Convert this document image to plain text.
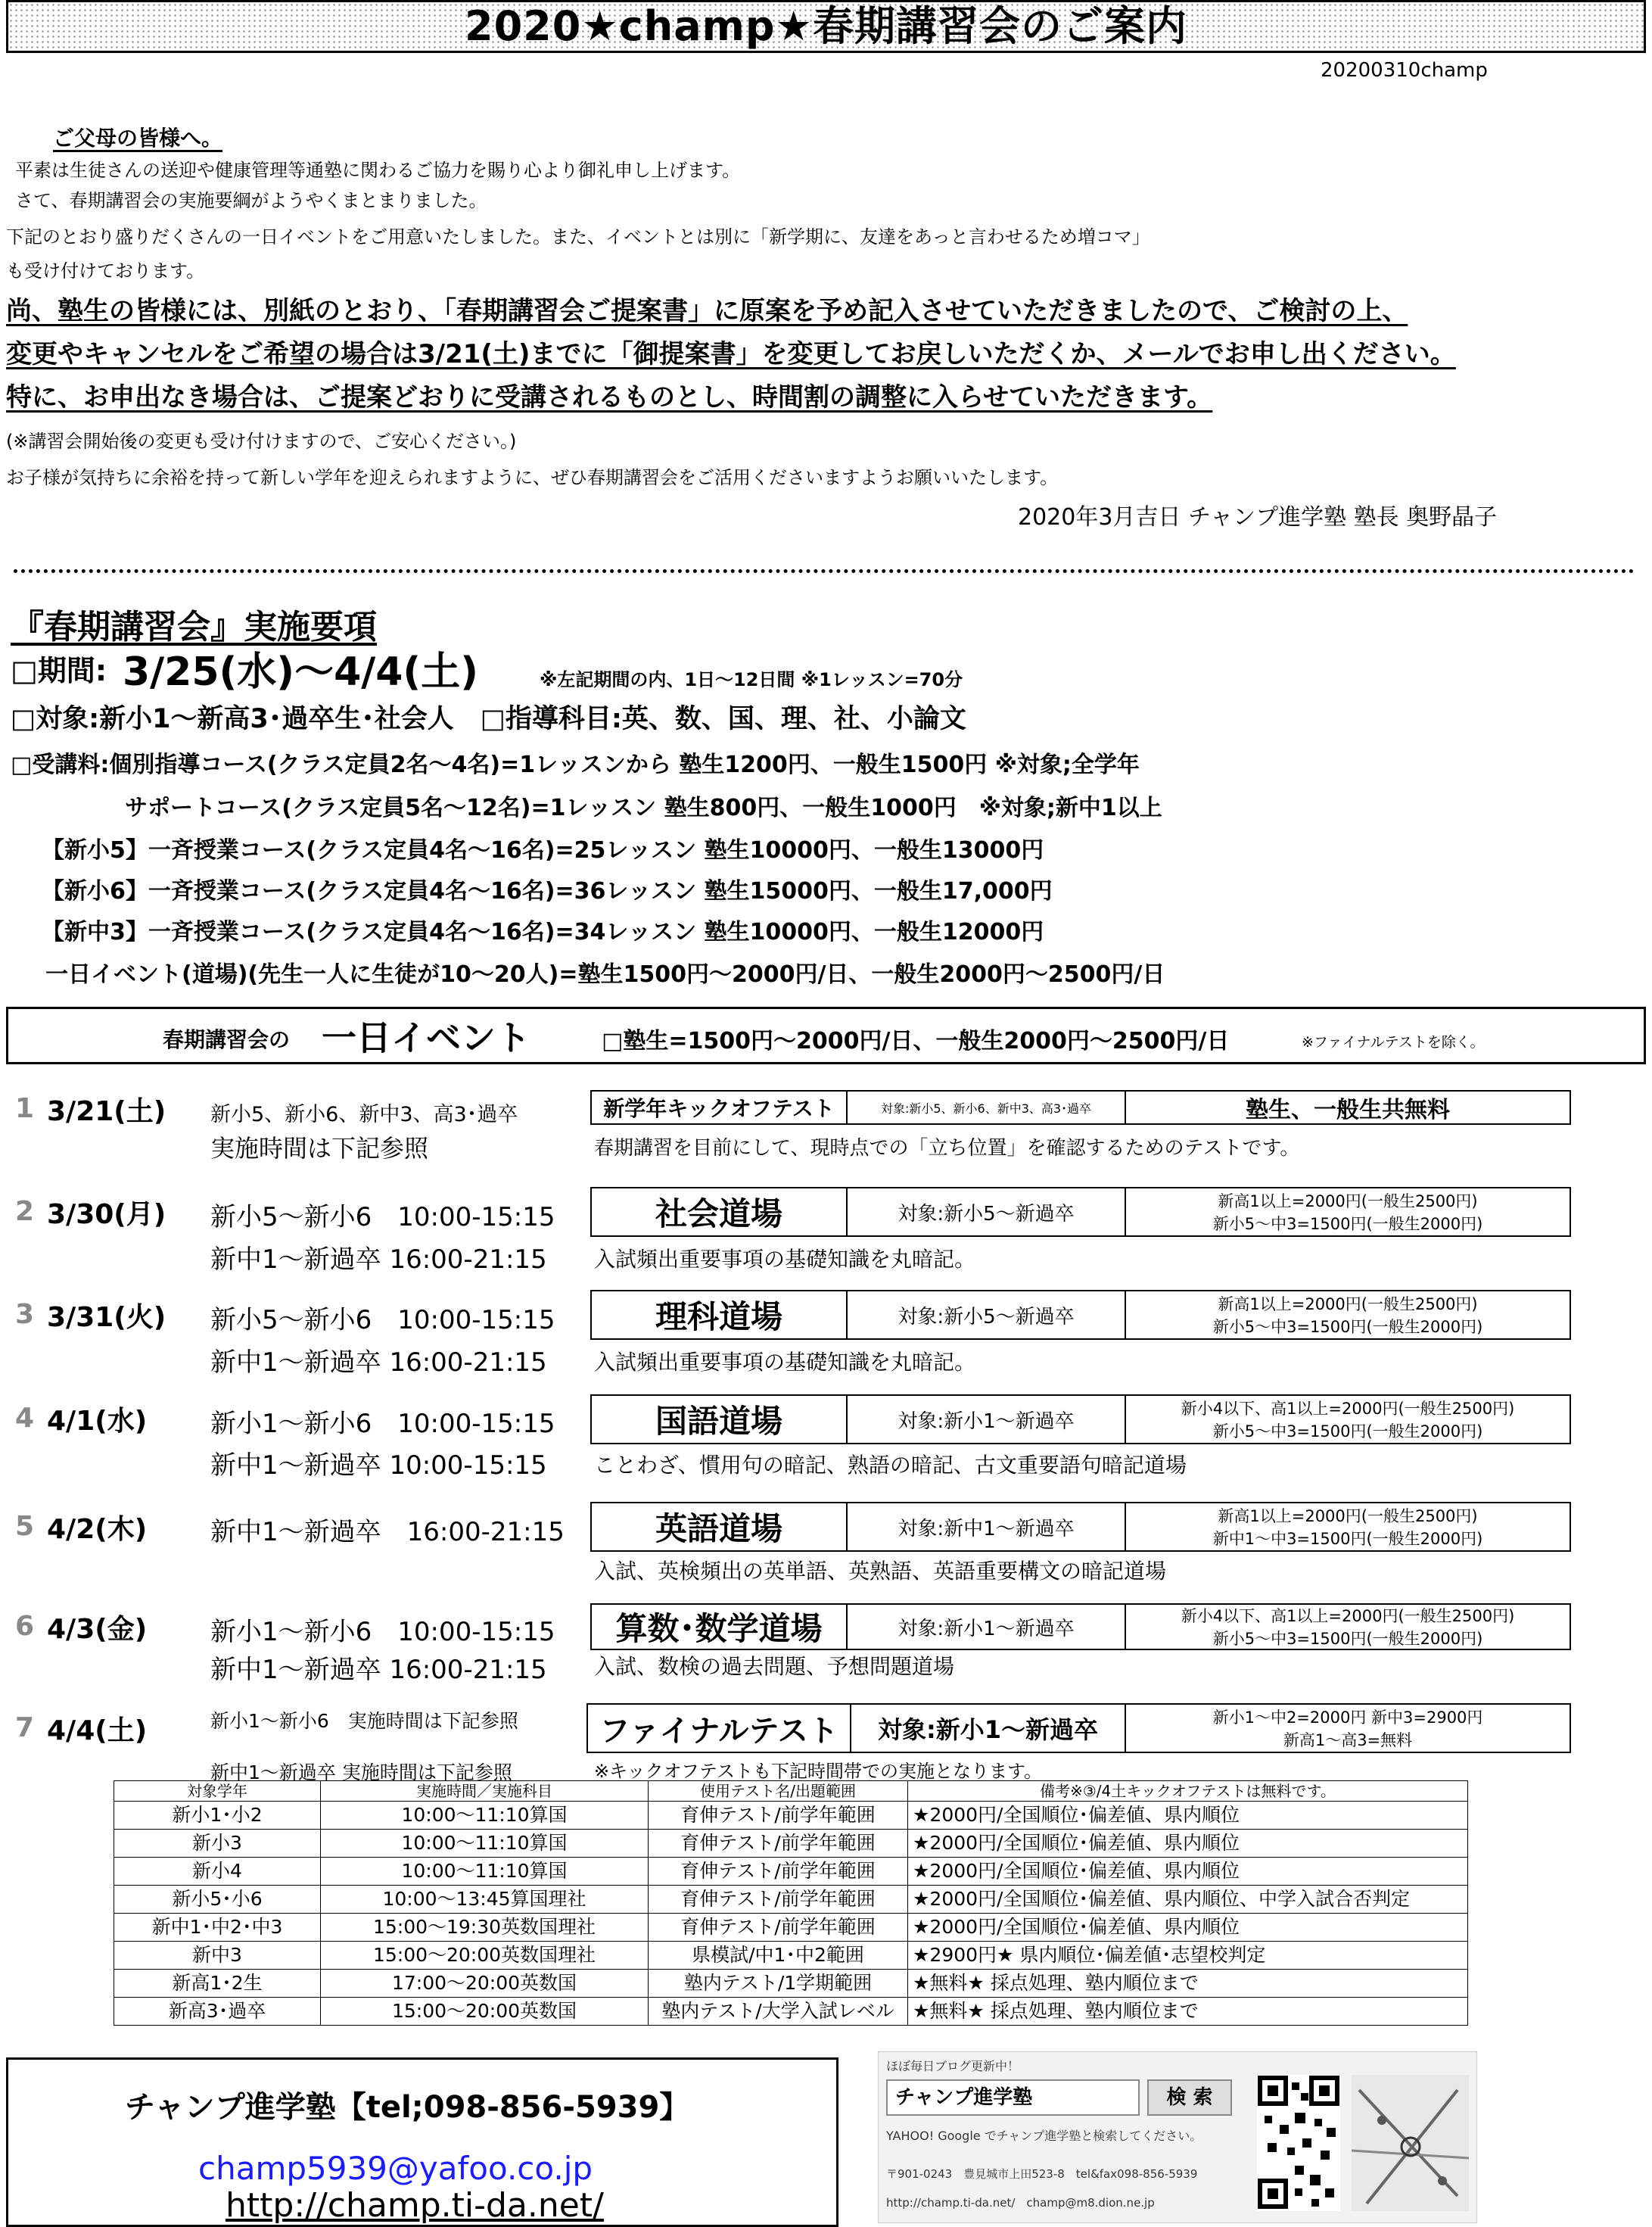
2020★champ★春期講習会のご案内
20200310champ
ご父母の皆様へ。
平素は生徒さんの送迎や健康管理等通塾に関わるご協力を賜り心より御礼申し上げます。
さて、春期講習会の実施要綱がようやくまとまりました。
下記のとおり盛りだくさんの一日イベントをご用意いたしました。また、イベントとは別に「新学期に、友達をあっと言わせるため増コマ」
も受け付けております。
尚、塾生の皆様には、別紙のとおり、「春期講習会ご提案書」に原案を予め記入させていただきましたので、ご検討の上、
変更やキャンセルをご希望の場合は3/21(土)までに「御提案書」を変更してお戻しいただくか、メールでお申し出ください。
特に、お申出なき場合は、ご提案どおりに受講されるものとし、時間割の調整に入らせていただきます。
(※講習会開始後の変更も受け付けますので、ご安心ください。)
お子様が気持ちに余裕を持って新しい学年を迎えられますように、ぜひ春期講習会をご活用くださいますようお願いいたします。
2020年3月吉日 チャンプ進学塾 塾長 奥野晶子
『春期講習会』実施要項
□期間: 3/25(水)～4/4(土)	※左記期間の内、1日～12日間 ※1レッスン=70分
□対象:新小1～新高3･過卒生･社会人　□指導科目:英、数、国、理、社、小論文
□受講料:個別指導コース(クラス定員2名～4名)=1レッスンから 塾生1200円、一般生1500円 ※対象;全学年
サポートコース(クラス定員5名～12名)=1レッスン 塾生800円、一般生1000円　※対象;新中1以上
【新小5】一斉授業コース(クラス定員4名～16名)=25レッスン 塾生10000円、一般生13000円
【新小6】一斉授業コース(クラス定員4名～16名)=36レッスン 塾生15000円、一般生17,000円
【新中3】一斉授業コース(クラス定員4名～16名)=34レッスン 塾生10000円、一般生12000円
一日イベント(道場)(先生一人に生徒が10～20人)=塾生1500円～2000円/日、一般生2000円～2500円/日
春期講習会の 一日イベント	□塾生=1500円～2000円/日、一般生2000円～2500円/日	※ファイナルテストを除く。
1 3/21(土) 新小5、新小6、新中3、高3･過卒
実施時間は下記参照
新学年キックオフテスト	対象:新小5、新小6、新中3、高3･過卒	塾生、一般生共無料
春期講習を目前にして、現時点での「立ち位置」を確認するためのテストです。
2 3/30(月) 新小5～新小6　10:00-15:15
新中1～新過卒 16:00-21:15
社会道場	対象:新小5～新過卒
新高1以上=2000円(一般生2500円)
新小5～中3=1500円(一般生2000円)
入試頻出重要事項の基礎知識を丸暗記。
3 3/31(火) 新小5～新小6　10:00-15:15
新中1～新過卒 16:00-21:15
理科道場	対象:新小5～新過卒
新高1以上=2000円(一般生2500円)
新小5～中3=1500円(一般生2000円)
入試頻出重要事項の基礎知識を丸暗記。
4 4/1(水) 新小1～新小6　10:00-15:15
新中1～新過卒 10:00-15:15
国語道場	対象:新小1～新過卒
新小4以下、高1以上=2000円(一般生2500円)
新小5～中3=1500円(一般生2000円)
ことわざ、慣用句の暗記、熟語の暗記、古文重要語句暗記道場
5 4/2(木) 新中1～新過卒　16:00-21:15	英語道場	対象:新中1～新過卒
新高1以上=2000円(一般生2500円)
新中1～中3=1500円(一般生2000円)
入試、英検頻出の英単語、英熟語、英語重要構文の暗記道場
6 4/3(金) 新小1～新小6　10:00-15:15
新中1～新過卒 16:00-21:15
算数･数学道場	対象:新小1～新過卒
新小4以下、高1以上=2000円(一般生2500円)
新小5～中3=1500円(一般生2000円)
入試、数検の過去問題、予想問題道場
7 4/4(土)	新小1～新小6　実施時間は下記参照
新中1～新過卒 実施時間は下記参照
ファイナルテスト	対象:新小1～新過卒	新小1～中2=2000円 新中3=2900円
新高1～高3=無料
※キックオフテストも下記時間帯での実施となります。
対象学年	実施時間／実施科目	使用テスト名/出題範囲	備考※③/4土キックオフテストは無料です。
新小1･小2	10:00～11:10算国	育伸テスト/前学年範囲	★2000円/全国順位･偏差値、県内順位
新小3	10:00～11:10算国	育伸テスト/前学年範囲	★2000円/全国順位･偏差値、県内順位
新小4	10:00～11:10算国	育伸テスト/前学年範囲	★2000円/全国順位･偏差値、県内順位
新小5･小6	10:00～13:45算国理社	育伸テスト/前学年範囲	★2000円/全国順位･偏差値、県内順位、中学入試合否判定
新中1･中2･中3	15:00～19:30英数国理社	育伸テスト/前学年範囲	★2000円/全国順位･偏差値、県内順位
新中3	15:00～20:00英数国理社	県模試/中1･中2範囲	★2900円★ 県内順位･偏差値･志望校判定
新高1･2生	17:00～20:00英数国	塾内テスト/1学期範囲	★無料★ 採点処理、塾内順位まで
新高3･過卒	15:00～20:00英数国	塾内テスト/大学入試レベル	★無料★ 採点処理、塾内順位まで
チャンプ進学塾【tel;098-856-5939】
champ5939@yafoo.co.jp
http://champ.ti-da.net/
ほぼ毎日ブログ更新中！
チャンプ進学塾	検 索
YAHOO! Google でチャンプ進学塾と検索してください。
〒901-0243　豊見城市上田523-8　tel&fax098-856-5939
http://champ.ti-da.net/　champ@m8.dion.ne.jp
